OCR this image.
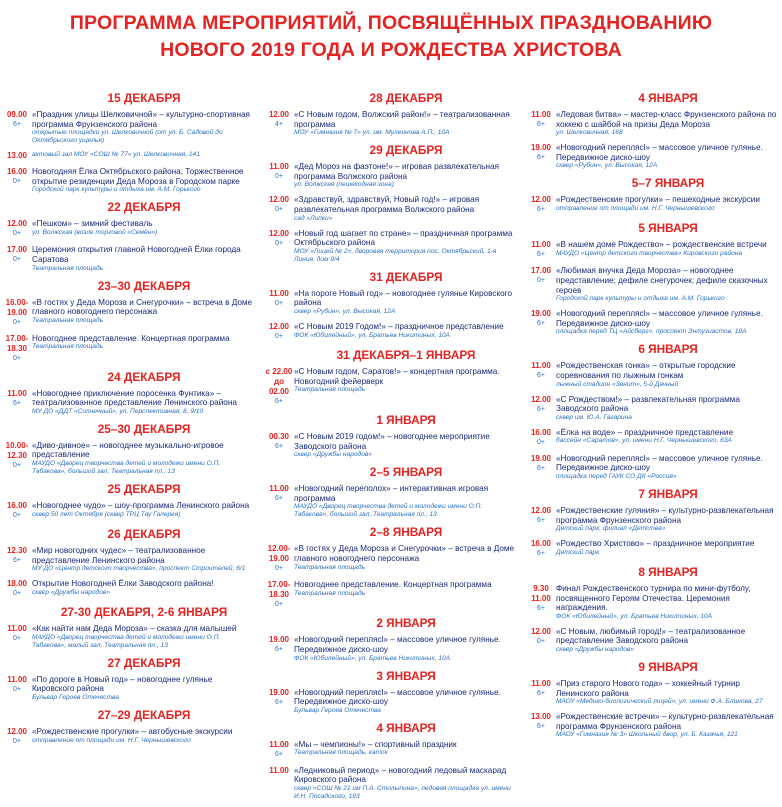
ПРОГРАММА МЕРОПРИЯТИЙ, ПОСВЯЩЁННЫХ ПРАЗДНОВАНИЮ
НОВОГО 2019 ГОДА И РОЖДЕСТВА ХРИСТОВА
15 ДЕКАБРЯ
09.00
6+
«Праздник улицы Шелковичной» – культурно-спортивная программа Фрунзенского района
открытые площадки ул. Шелковичной (от ул. Б. Садовой до Октябрьского ущелья)
13.00 актовый зал МОУ «СОШ № 77» ул. Шелковичная, 141
16.00
0+
Новогодняя Ёлка Октябрьского района; Торжественное открытие резиденции Деда Мороза в Городском парке
Городской парк культуры и отдыха им. А.М. Горького
22 ДЕКАБРЯ
12.00
0+
«Пешком» – зимний фестиваль
ул. Волжская (возле торговой «Семён»)
17.00
0+
Церемония открытия главной Новогодней Ёлки города Саратова
Театральная площадь
23–30 ДЕКАБРЯ
16.00-
19.00
0+
«В гостях у Деда Мороза и Снегурочки» – встреча в Доме главного новогоднего персонажа
Театральная площадь
17.00-
18.30
0+
Новогоднее представление. Концертная программа
Театральная площадь
24 ДЕКАБРЯ
11.00
6+
«Новогоднее приключение поросенка Фунтика» – театрализованное представление Ленинского района
МУ ДО «ДДТ «Солнечный», ул. Перспективная, 8, 9/10
25–30 ДЕКАБРЯ
10.00-
12.30
0+
«Диво-дивное» – новогоднее музыкально-игровое представление
МАУДО «Дворец творчества детей и молодежи имени О.П. Табакова», большой зал, Театральная пл., 13
25 ДЕКАБРЯ
16.00
0+
«Новогоднее чудо» – шоу-программа Ленинского района
сквер 50 лет Октября (сквер ТРЦ Тау Галерея)
26 ДЕКАБРЯ
12.30
6+
«Мир новогодних чудес» – театрализованное представление Ленинского района
МУ ДО «Центр детского творчества», проспект Строителей, 6/1
18.00
0+
Открытие Новогодней Ёлки Заводского района!
сквер «Дружбы народов»
27-30 ДЕКАБРЯ, 2-6 ЯНВАРЯ
11.00
0+
«Как найти нам Деда Мороза» – сказка для малышей
МАУДО «Дворец творчества детей и молодежи имени О.П. Табакова», малый зал, Театральная пл., 13
27 ДЕКАБРЯ
11.00
0+
«По дороге в Новый год» – новогоднее гулянье Кировского района
Бульвар Героев Отечества
27–29 ДЕКАБРЯ
12.00
0+
«Рождественские прогулки» – автобусные экскурсии
отправление от площади им. Н.Г. Чернышевского
28 ДЕКАБРЯ
12.00
4+
«С Новым годом, Волжский район!» – театрализованная программа
МОУ «Гимназия № 7» ул. им. Мулеинова А.П., 10А
29 ДЕКАБРЯ
11.00
0+
«Дед Мороз на фаэтоне!» – игровая развлекательная программа Волжского района
ул. Волжская (пешеходная зона)
12.00
0+
«Здравствуй, здравствуй, Новый год!» – игровая развлекательная программа Волжского района
сад «Липки»
12.00
0+
«Новый год шагает по стране» – праздничная программа Октябрьского района
МОУ «Лицей № 2», дворовая территория пос. Октябрьский, 1-я Линия, дом 9/4
31 ДЕКАБРЯ
11.00
0+
«На пороге Новый год» – новогоднее гулянье Кировского района
сквер «Рубин», ул. Высокая, 12А
12.00
0+
«С Новым 2019 Годом!» – праздничное представление
ФОК «Юбилейный», ул. Братьев Никитиных, 10А
31 ДЕКАБРЯ–1 ЯНВАРЯ
с 22.00
до 02.00
6+
«С Новым годом, Саратов!» – концертная программа. Новогодний фейерверк
Театральная площадь
1 ЯНВАРЯ
00.30
6+
«С Новым 2019 годом!» – новогоднее мероприятие Заводского района
сквер «Дружбы народов»
2–5 ЯНВАРЯ
11.00
6+
«Новогодний переполох» – интерактивная игровая программа
МАУДО «Дворец творчества детей и молодежи имени О.П. Табакова», большой зал, Театральная пл., 13
2–8 ЯНВАРЯ
12.00-
19.00
0+
«В гостях у Деда Мороза и Снегурочки» – встреча в Доме главного новогоднего персонажа
Театральная площадь
17.00-
18.30
0+
Новогоднее представление. Концертная программа
Театральная площадь
2 ЯНВАРЯ
19.00
6+
«Новогодний переплясl» – массовое уличное гулянье. Передвижное диско-шоу
ФОК «Юбилейный», ул. Братьев Никитиных, 10А
3 ЯНВАРЯ
19.00
6+
«Новогодний переплясl» – массовое уличное гулянье. Передвижное диско-шоу
Бульвар Героев Отечества
4 ЯНВАРЯ
11.00
6+
«Мы – чемпионы!» – спортивный праздник
Театральная площадь, каток
11.00 «Ледниковый период» – новогодний ледовый маскарад Кировского района
сквер «СОШ № 21 им П.А. Столыпина», ледовая площадка ул. имени И.Н. Посадского, 193
4 ЯНВАРЯ
11.00
6+
«Ледовая битва» – мастер-класс Фрунзенского района по хоккею с шайбой на призы Деда Мороза
ул. Шелковичная, 168
19.00
6+
«Новогодний переплясl» – массовое уличное гулянье. Передвижное диско-шоу
сквер «Рубин», ул. Высокая, 12А
5–7 ЯНВАРЯ
12.00
6+
«Рождественские прогулки» – пешеходные экскурсии
отправление от площади им. Н.Г. Чернышевского
5 ЯНВАРЯ
11.00
6+
«В нашем доме Рождество» – рождественские встречи
МАУДО «Центр детского творчества» Кировского района
17.00
0+
«Любимая внучка Деда Мороза» – новогоднее представление; дефиле снегурочек; дефиле сказочных героев
Городской парк культуры и отдыха им. А.М. Горького
19.00
6+
«Новогодний переплясl» – массовое уличное гулянье. Передвижное диско-шоу
площадка перед ТЦ «Айсберг», проспект Энтузиастов, 18А
6 ЯНВАРЯ
11.00
6+
«Рождественская гонка» – открытые городские соревнования по лыжным гонкам
лыжный стадион «Зенит», 5-й Дачный
12.00
6+
«С Рождеством!» – развлекательная программа Заводского района
сквер им. Ю.А. Гагарина
16.00
0+
«Ёлка на воде» – праздничное представление
бассейн «Саратов», ул. имени Н.Г. Чернышевского, 63А
19.00
6+
«Новогодний переплясl» – массовое уличное гулянье. Передвижное диско-шоу
площадка перед ГАУК СО ДК «Россия»
7 ЯНВАРЯ
12.00
6+
«Рождественские гуляния» – культурно-развлекательная программа Фрунзенского района
Детский парк, филиал «Детства»
16.00
6+
«Рождество Христово» – праздничное мероприятие
Детский парк
8 ЯНВАРЯ
9.30
11.00
6+
Финал Рождественского турнира по мини-футболу, посвященного Героям Отечества. Церемония награждения.
ФОК «Юбилейный», ул. Братьев Никитиных, 10А
12.00
0+
«С Новым, любимый город!» – театрализованное представление Заводского района
сквер «Дружбы народов»
9 ЯНВАРЯ
11.00
6+
«Приз старого Нового года» – хоккейный турнир Ленинского района
МАОУ «Медико-биологический лицей», ул. имени Ф.А. Блинова, 27
13.00
6+
«Рождественские встречи» – культурно-развлекательная программа Фрунзенского района
МАОУ «Гимназия № 3» Школьный двор, ул. Б. Казачья, 121
